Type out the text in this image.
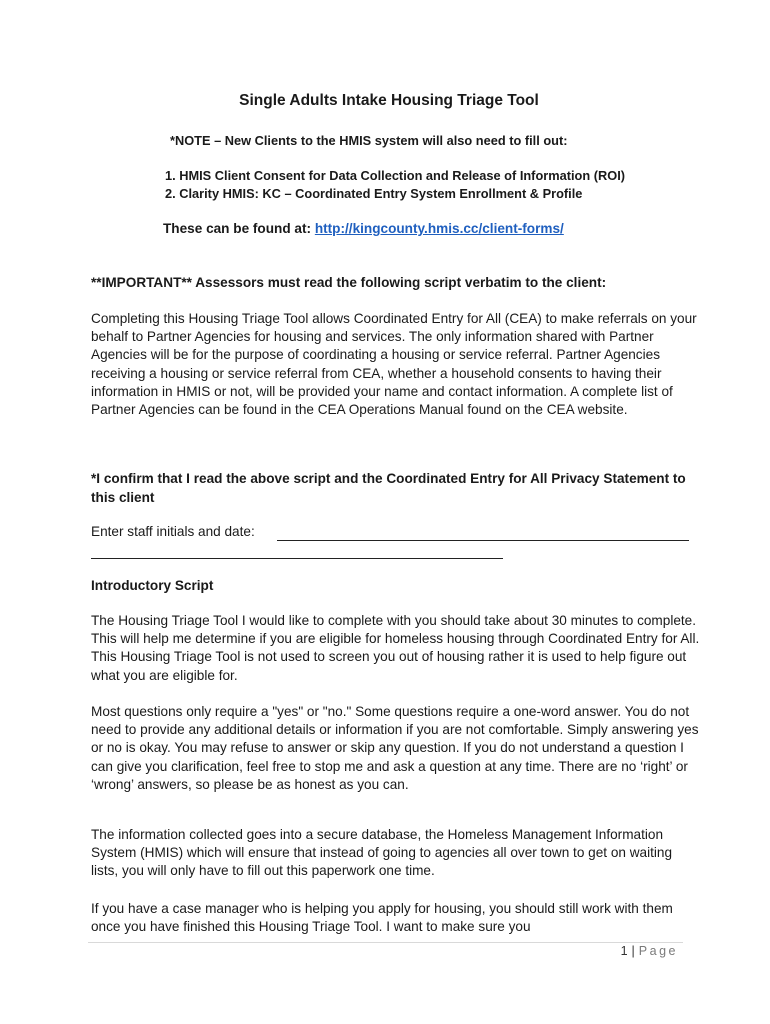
Single Adults Intake Housing Triage Tool
*NOTE – New Clients to the HMIS system will also need to fill out:
1. HMIS Client Consent for Data Collection and Release of Information (ROI)
2. Clarity HMIS: KC – Coordinated Entry System Enrollment & Profile
These can be found at: http://kingcounty.hmis.cc/client-forms/
**IMPORTANT** Assessors must read the following script verbatim to the client:

Completing this Housing Triage Tool allows Coordinated Entry for All (CEA) to make referrals on your behalf to Partner Agencies for housing and services. The only information shared with Partner Agencies will be for the purpose of coordinating a housing or service referral. Partner Agencies receiving a housing or service referral from CEA, whether a household consents to having their information in HMIS or not, will be provided your name and contact information. A complete list of Partner Agencies can be found in the CEA Operations Manual found on the CEA website.

*I confirm that I read the above script and the Coordinated Entry for All Privacy Statement to this client
Enter staff initials and date:
Introductory Script

The Housing Triage Tool I would like to complete with you should take about 30 minutes to complete. This will help me determine if you are eligible for homeless housing through Coordinated Entry for All. This Housing Triage Tool is not used to screen you out of housing rather it is used to help figure out what you are eligible for.

Most questions only require a "yes" or "no." Some questions require a one-word answer. You do not need to provide any additional details or information if you are not comfortable. Simply answering yes or no is okay. You may refuse to answer or skip any question. If you do not understand a question I can give you clarification, feel free to stop me and ask a question at any time. There are no ‘right’ or ‘wrong’ answers, so please be as honest as you can.

The information collected goes into a secure database, the Homeless Management Information System (HMIS) which will ensure that instead of going to agencies all over town to get on waiting lists, you will only have to fill out this paperwork one time.

If you have a case manager who is helping you apply for housing, you should still work with them once you have finished this Housing Triage Tool. I want to make sure you

1 | Page
